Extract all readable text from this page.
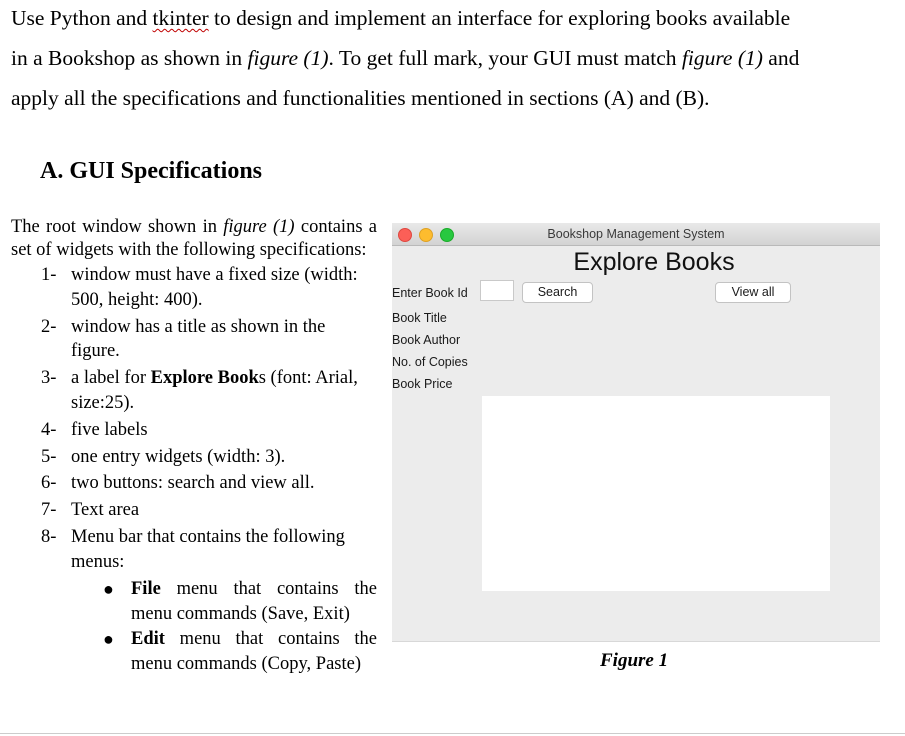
Use Python and tkinter to design and implement an interface for exploring books available

in a Bookshop as shown in figure (1). To get full mark, your GUI must match figure (1) and

apply all the specifications and functionalities mentioned in sections (A) and (B).

A. GUI Specifications
The root window shown in figure (1) contains a set of widgets with the following specifications:
1- window must have a fixed size (width: 500, height: 400).
2- window has a title as shown in the figure.
3- a label for Explore Books (font: Arial, size:25).
4- five labels
5- one entry widgets (width: 3).
6- two buttons: search and view all.
7- Text area
8- Menu bar that contains the following menus:
● File menu that contains the menu commands (Save, Exit)
● Edit menu that contains the menu commands (Copy, Paste)
Bookshop Management System
Explore Books
Enter Book Id	Search	View all
Book Title
Book Author
No. of Copies
Book Price
Figure 1
